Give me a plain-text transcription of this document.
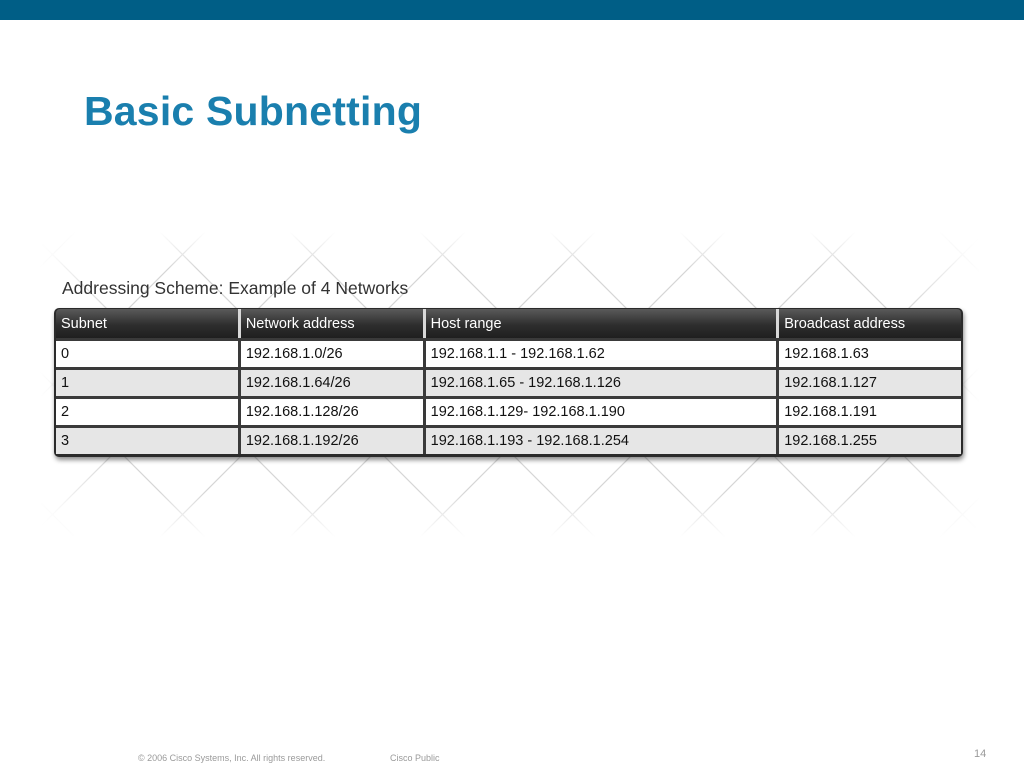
Basic Subnetting
Addressing Scheme: Example of 4 Networks
Subnet	Network address	Host range	Broadcast address
0	192.168.1.0/26	192.168.1.1 - 192.168.1.62	192.168.1.63
1	192.168.1.64/26	192.168.1.65 - 192.168.1.126	192.168.1.127
2	192.168.1.128/26	192.168.1.129- 192.168.1.190	192.168.1.191
3	192.168.1.192/26	192.168.1.193 - 192.168.1.254	192.168.1.255
© 2006 Cisco Systems, Inc. All rights reserved.	Cisco Public	14
